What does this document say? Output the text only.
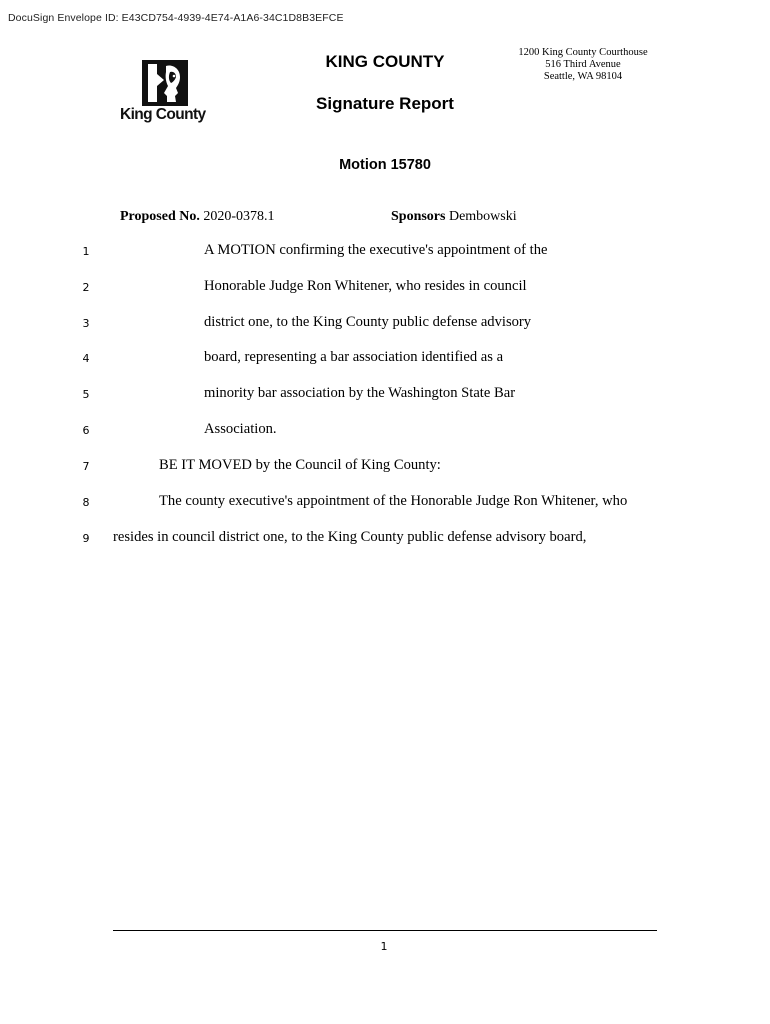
DocuSign Envelope ID: E43CD754-4939-4E74-A1A6-34C1D8B3EFCE
King County
KING COUNTY
Signature Report
1200 King County Courthouse
516 Third Avenue
Seattle, WA 98104
Motion 15780
Proposed No. 2020-0378.1	Sponsors Dembowski
1	A MOTION confirming the executive's appointment of the
2	Honorable Judge Ron Whitener, who resides in council
3	district one, to the King County public defense advisory
4	board, representing a bar association identified as a
5	minority bar association by the Washington State Bar
6	Association.
7	BE IT MOVED by the Council of King County:
8	The county executive's appointment of the Honorable Judge Ron Whitener, who
9	resides in council district one, to the King County public defense advisory board,
1
